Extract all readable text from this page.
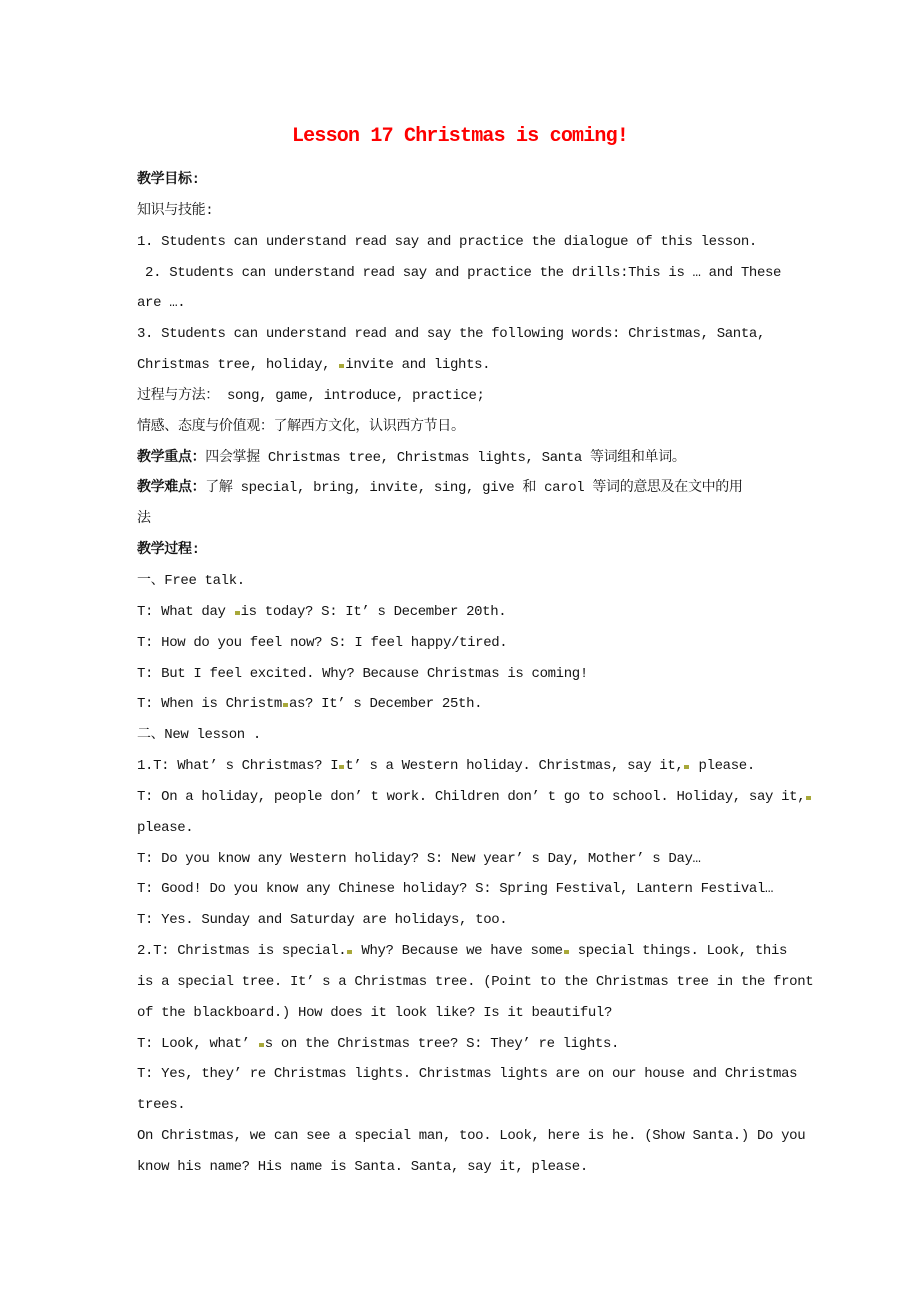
Lesson 17 Christmas is coming!
教学目标:
知识与技能:
1. Students can understand read say and practice the dialogue of this lesson.
2. Students can understand read say and practice the drills:This is … and These
are ….
3. Students can understand read and say the following words: Christmas, Santa,
Christmas tree, holiday, invite and lights.
过程与方法： song, game, introduce, practice;
情感、态度与价值观：了解西方文化，认识西方节日。
教学重点：四会掌握 Christmas tree, Christmas lights, Santa 等词组和单词。
教学难点：了解 special, bring, invite, sing, give 和 carol 等词的意思及在文中的用
法
教学过程:
一、Free talk.
T: What day is today? S: It’ s December 20th.
T: How do you feel now? S: I feel happy/tired.
T: But I feel excited. Why? Because Christmas is coming!
T: When is Christm as? It’ s December 25th.
二、New lesson .
1.T: What’ s Christmas? I t’ s a Western holiday. Christmas, say it, please.
T: On a holiday, people don’ t work. Children don’ t go to school. Holiday, say it,
please.
T: Do you know any Western holiday? S: New year’ s Day, Mother’ s Day…
T: Good! Do you know any Chinese holiday? S: Spring Festival, Lantern Festival…
T: Yes. Sunday and Saturday are holidays, too.
2.T: Christmas is special. Why? Because we have some special things. Look, this
is a special tree. It’ s a Christmas tree. (Point to the Christmas tree in the front
of the blackboard.) How does it look like? Is it beautiful?
T: Look, what’ s on the Christmas tree? S: They’ re lights.
T: Yes, they’ re Christmas lights. Christmas lights are on our house and Christmas
trees.
On Christmas, we can see a special man, too. Look, here is he. (Show Santa.) Do you
know his name? His name is Santa. Santa, say it, please.
